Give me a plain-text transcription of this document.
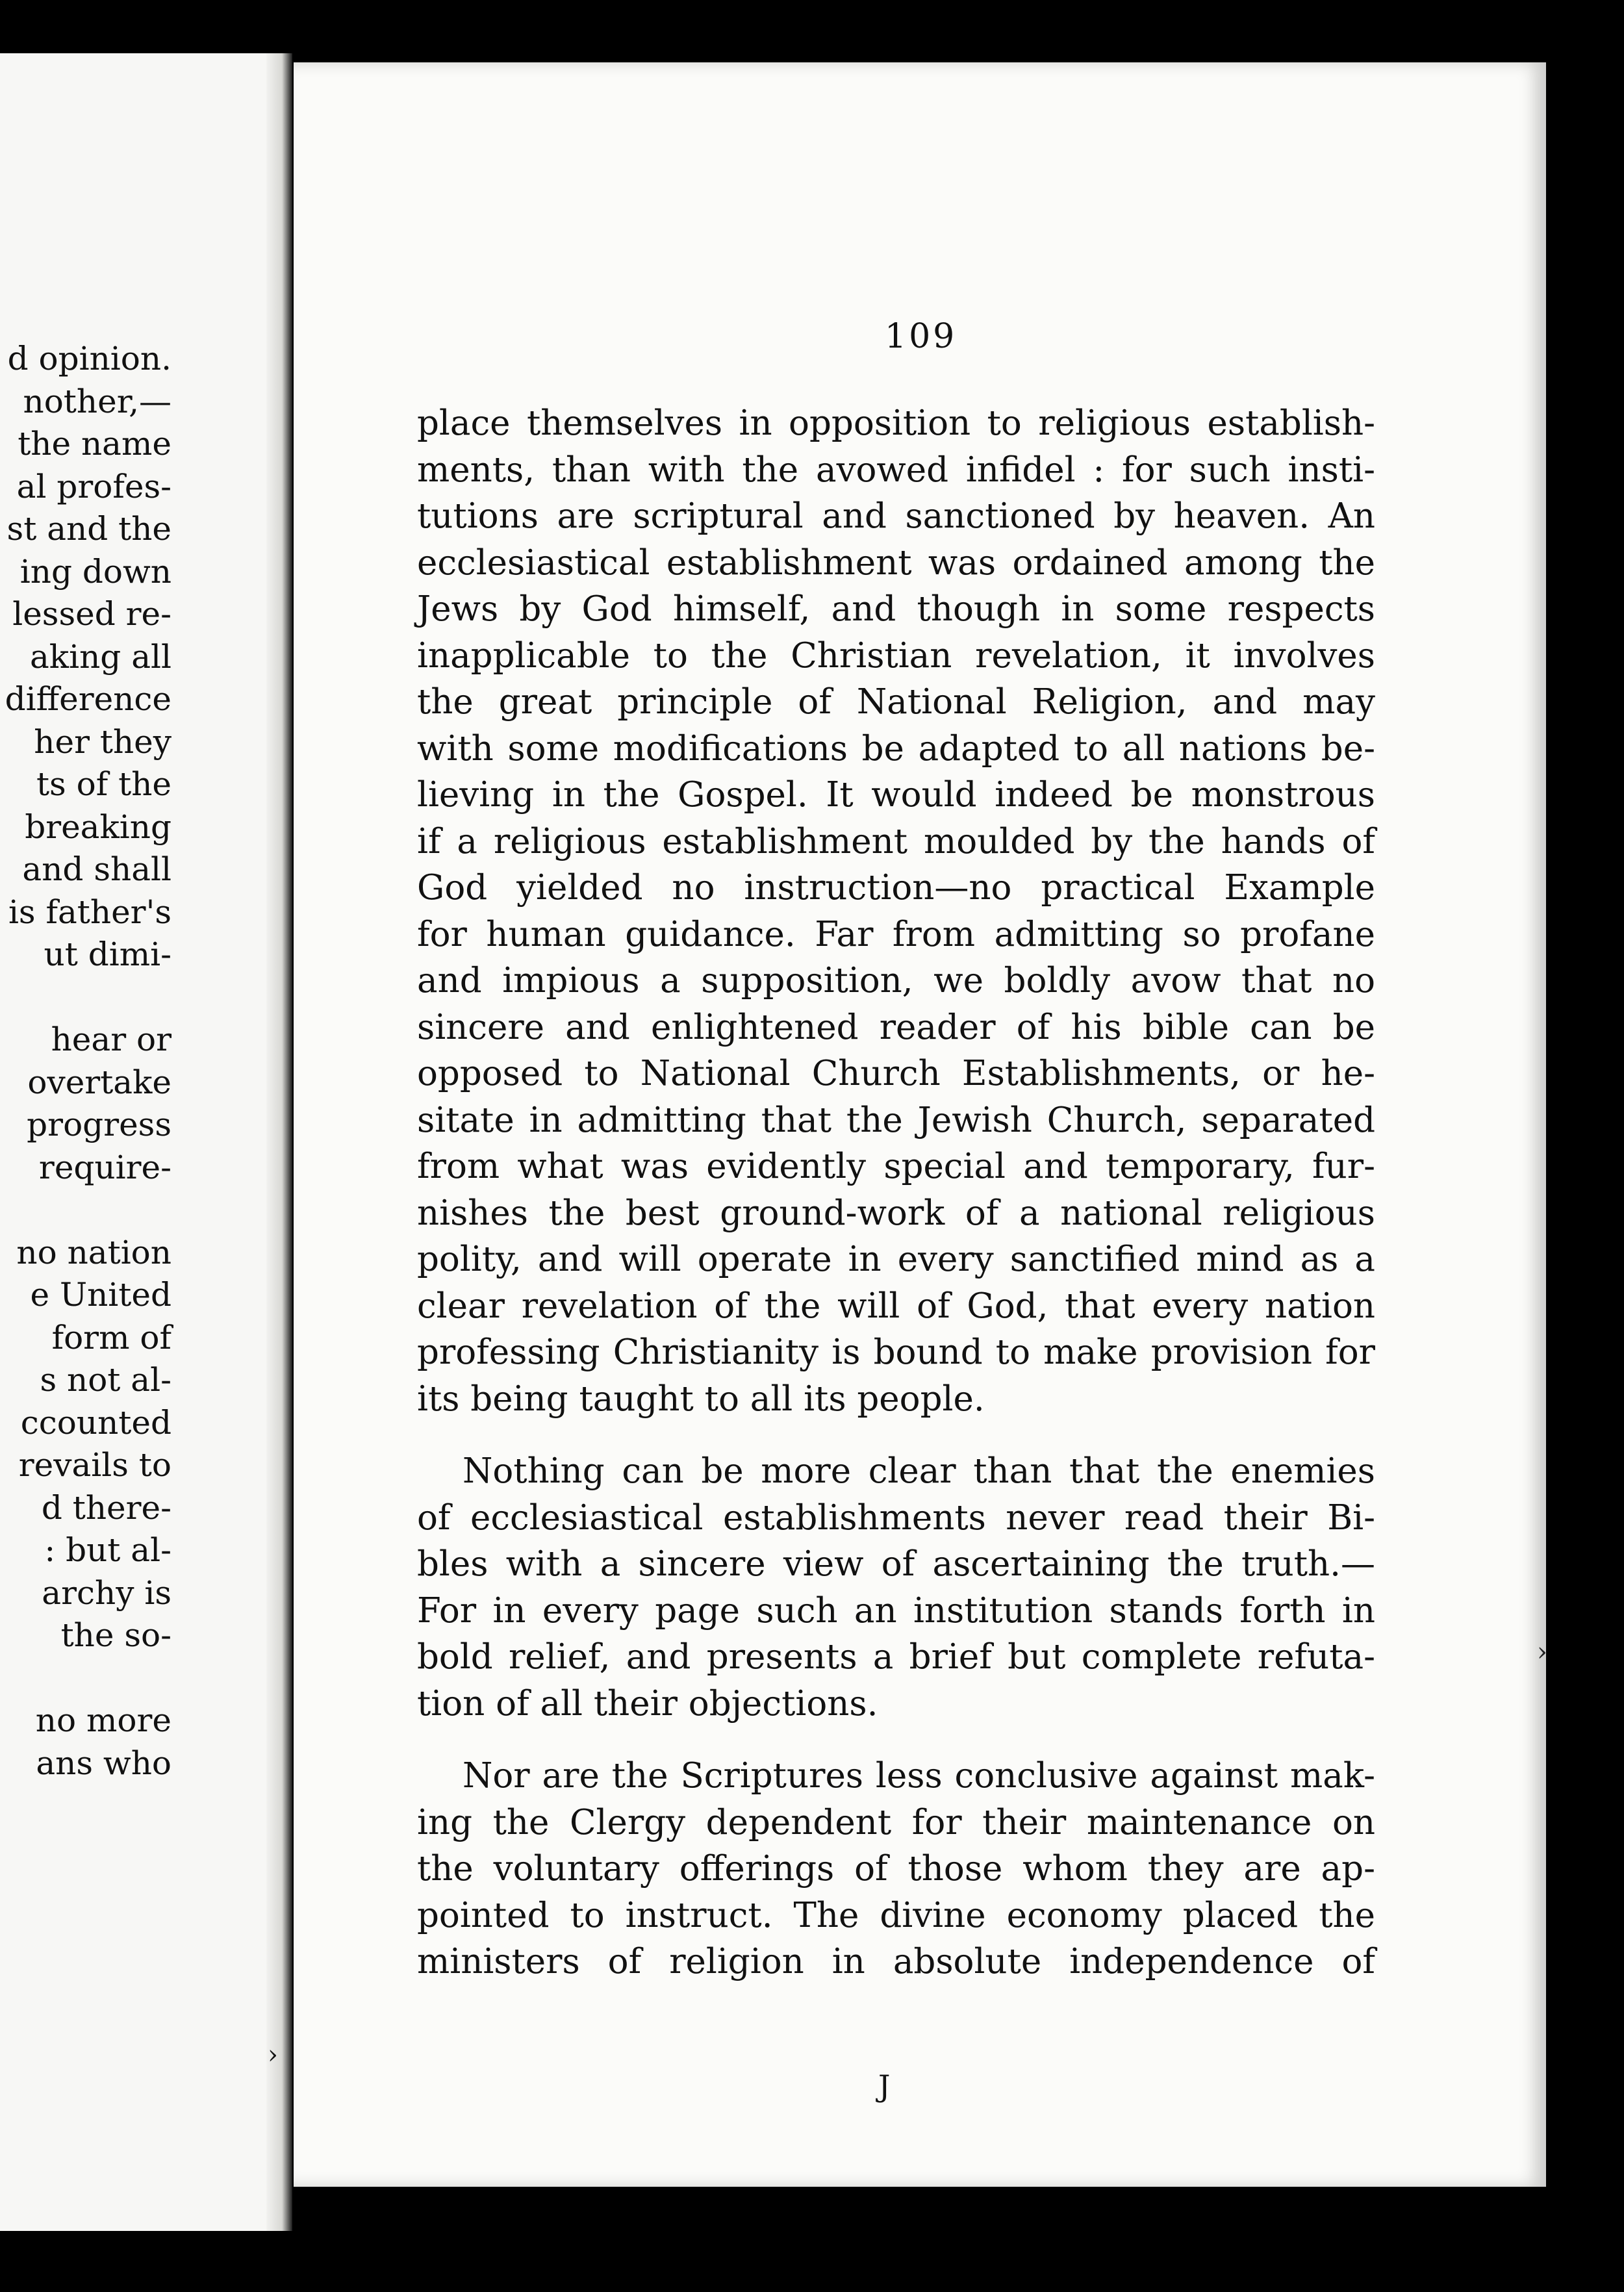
d opinion.
nother,—
the name
al profes-
st and the
ing down
lessed re-
aking all
difference
her they
ts of the
breaking
and shall
is father's
ut dimi-
hear or
overtake
progress
require-
no nation
e United
form of
s not al-
ccounted
revails to
d there-
: but al-
archy is
the so-
no more
ans who
109
place themselves in opposition to religious establish-
ments, than with the avowed infidel : for such insti-
tutions are scriptural and sanctioned by heaven. An
ecclesiastical establishment was ordained among the
Jews by God himself, and though in some respects
inapplicable to the Christian revelation, it involves
the great principle of National Religion, and may
with some modifications be adapted to all nations be-
lieving in the Gospel. It would indeed be monstrous
if a religious establishment moulded by the hands of
God yielded no instruction—no practical Example
for human guidance. Far from admitting so profane
and impious a supposition, we boldly avow that no
sincere and enlightened reader of his bible can be
opposed to National Church Establishments, or he-
sitate in admitting that the Jewish Church, separated
from what was evidently special and temporary, fur-
nishes the best ground-work of a national religious
polity, and will operate in every sanctified mind as a
clear revelation of the will of God, that every nation
professing Christianity is bound to make provision for
its being taught to all its people.
Nothing can be more clear than that the enemies
of ecclesiastical establishments never read their Bi-
bles with a sincere view of ascertaining the truth.—
For in every page such an institution stands forth in
bold relief, and presents a brief but complete refuta-
tion of all their objections.
Nor are the Scriptures less conclusive against mak-
ing the Clergy dependent for their maintenance on
the voluntary offerings of those whom they are ap-
pointed to instruct. The divine economy placed the
ministers of religion in absolute independence of
J
›
›
